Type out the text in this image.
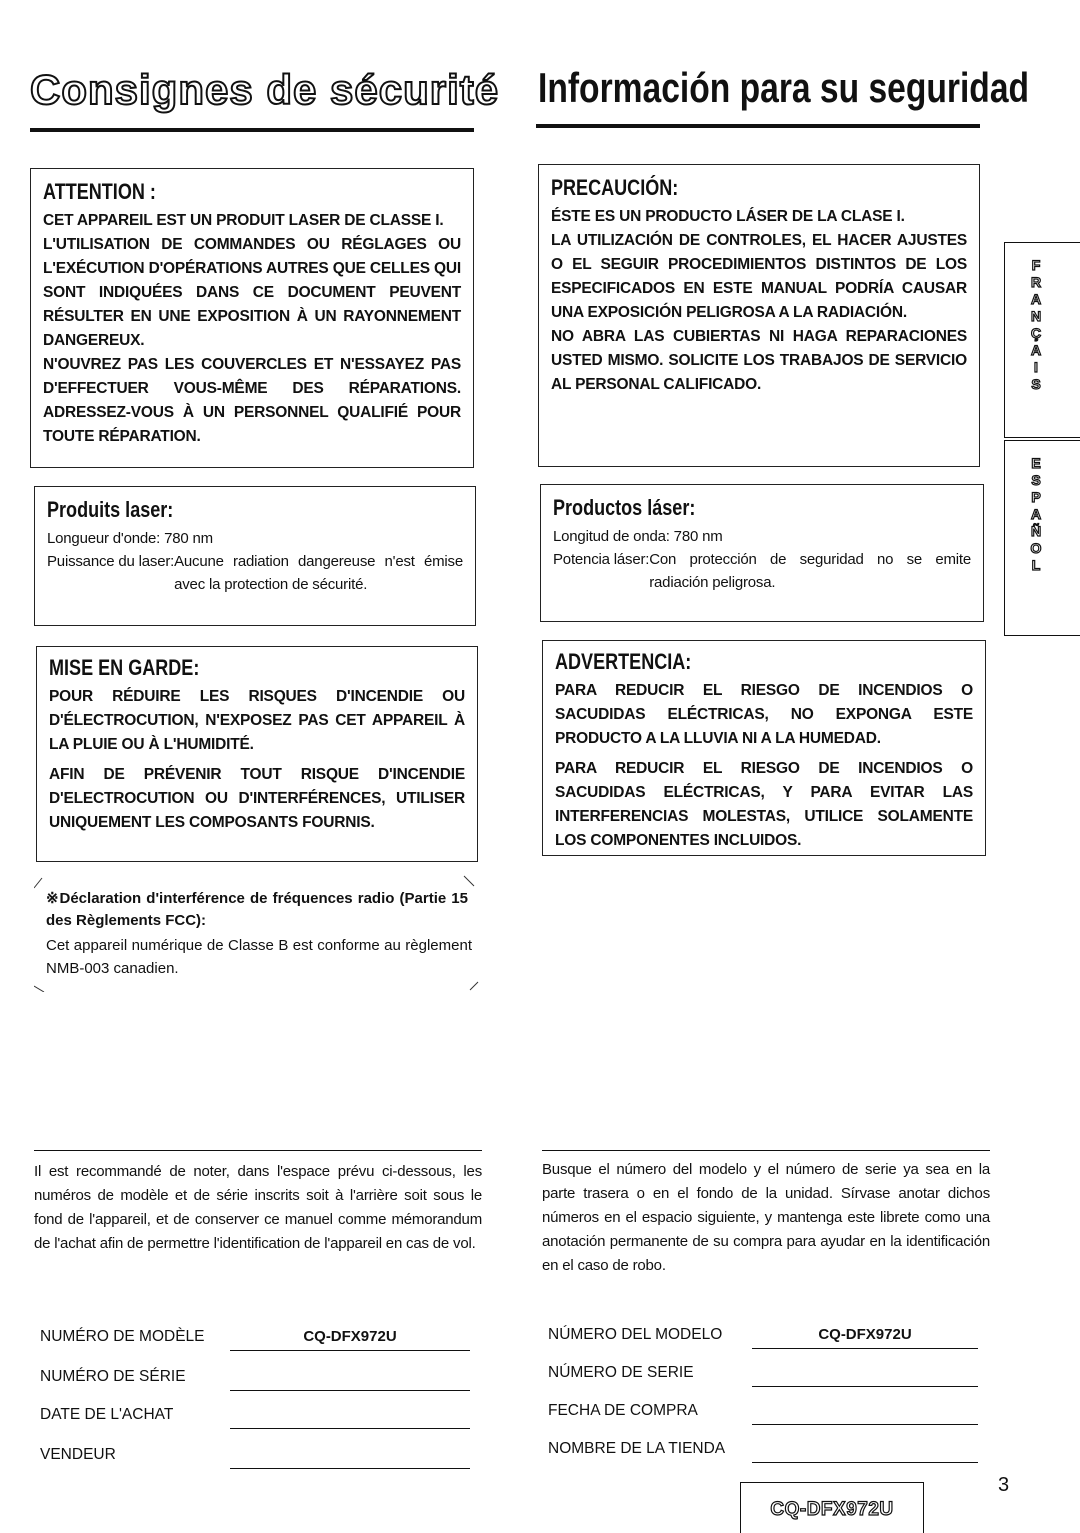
Consignes de sécurité Información para su seguridad
ATTENTION :

CET APPAREIL EST UN PRODUIT LASER DE CLASSE I.

L'UTILISATION DE COMMANDES OU RÉGLAGES OU L'EXÉCUTION D'OPÉRATIONS AUTRES QUE CELLES QUI SONT INDIQUÉES DANS CE DOCUMENT PEUVENT RÉSULTER EN UNE EXPOSITION À UN RAYONNEMENT DANGEREUX.

N'OUVREZ PAS LES COUVERCLES ET N'ESSAYEZ PAS D'EFFECTUER VOUS-MÊME DES RÉPARATIONS. ADRESSEZ-VOUS À UN PERSONNEL QUALIFIÉ POUR TOUTE RÉPARATION.

PRECAUCIÓN:

ÉSTE ES UN PRODUCTO LÁSER DE LA CLASE I.

LA UTILIZACIÓN DE CONTROLES, EL HACER AJUSTES O EL SEGUIR PROCEDIMIENTOS DISTINTOS DE LOS ESPECIFICADOS EN ESTE MANUAL PODRÍA CAUSAR UNA EXPOSICIÓN PELIGROSA A LA RADIACIÓN.

NO ABRA LAS CUBIERTAS NI HAGA REPARACIONES USTED MISMO. SOLICITE LOS TRABAJOS DE SERVICIO AL PERSONAL CALIFICADO.

Produits laser:
Longueur d'onde: 780 nm
Puissance du laser: Aucune radiation dangereuse n'est émise avec la protection de sécurité.
Productos láser:
Longitud de onda: 780 nm
Potencia láser: Con protección de seguridad no se emite radiación peligrosa.
MISE EN GARDE:

POUR RÉDUIRE LES RISQUES D'INCENDIE OU D'ÉLECTROCUTION, N'EXPOSEZ PAS CET APPAREIL À LA PLUIE OU À L'HUMIDITÉ.

AFIN DE PRÉVENIR TOUT RISQUE D'INCENDIE D'ELECTROCUTION OU D'INTERFÉRENCES, UTILISER UNIQUEMENT LES COMPOSANTS FOURNIS.

ADVERTENCIA:

PARA REDUCIR EL RIESGO DE INCENDIOS O SACUDIDAS ELÉCTRICAS, NO EXPONGA ESTE PRODUCTO A LA LLUVIA NI A LA HUMEDAD.

PARA REDUCIR EL RIESGO DE INCENDIOS O SACUDIDAS ELÉCTRICAS, Y PARA EVITAR LAS INTERFERENCIAS MOLESTAS, UTILICE SOLAMENTE LOS COMPONENTES INCLUIDOS.

※Déclaration d'interférence de fréquences radio (Partie 15 des Règlements FCC):
Cet appareil numérique de Classe B est conforme au règlement NMB-003 canadien.
Il est recommandé de noter, dans l'espace prévu ci-dessous, les numéros de modèle et de série inscrits soit à l'arrière soit sous le fond de l'appareil, et de conserver ce manuel comme mémorandum de l'achat afin de permettre l'identification de l'appareil en cas de vol.
Busque el número del modelo y el número de serie ya sea en la parte trasera o en el fondo de la unidad. Sírvase anotar dichos números en el espacio siguiente, y mantenga este librete como una anotación permanente de su compra para ayudar en la identificación en el caso de robo.
NUMÉRO DE MODÈLE	CQ-DFX972U
NUMÉRO DE SÉRIE
DATE DE L'ACHAT
VENDEUR
NÚMERO DEL MODELO	CQ-DFX972U
NÚMERO DE SERIE
FECHA DE COMPRA
NOMBRE DE LA TIENDA
F
R
A
N
Ç
A
I
S
E
S
P
A
Ñ
O
L
3
CQ-DFX972U
